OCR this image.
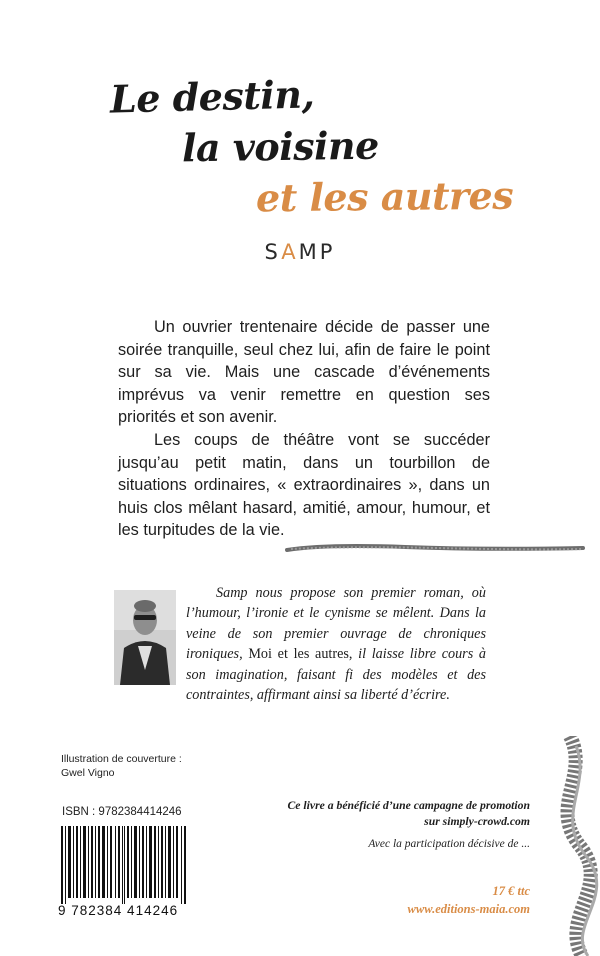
Le destin,
la voisine
et les autres
SAMP

Un ouvrier trentenaire décide de passer une soirée tranquille, seul chez lui, afin de faire le point sur sa vie. Mais une cascade d’événements imprévus va venir remettre en question ses priorités et son avenir.

Les coups de théâtre vont se succéder jusqu’au petit matin, dans un tourbillon de situations ordinaires, « extraordinaires », dans un huis clos mêlant hasard, amitié, amour, humour, et les turpitudes de la vie.

Samp nous propose son premier roman, où l’humour, l’ironie et le cynisme se mêlent. Dans la veine de son premier ouvrage de chroniques ironiques, Moi et les autres, il laisse libre cours à son imagination, faisant fi des modèles et des contraintes, affirmant ainsi sa liberté d’écrire.

Illustration de couverture :
Gwel Vigno
ISBN : 9782384414246
9 782384 414246
Ce livre a bénéficié d’une campagne de promotion
sur simply-crowd.com
Avec la participation décisive de ...
17 € ttc
www.editions-maia.com
